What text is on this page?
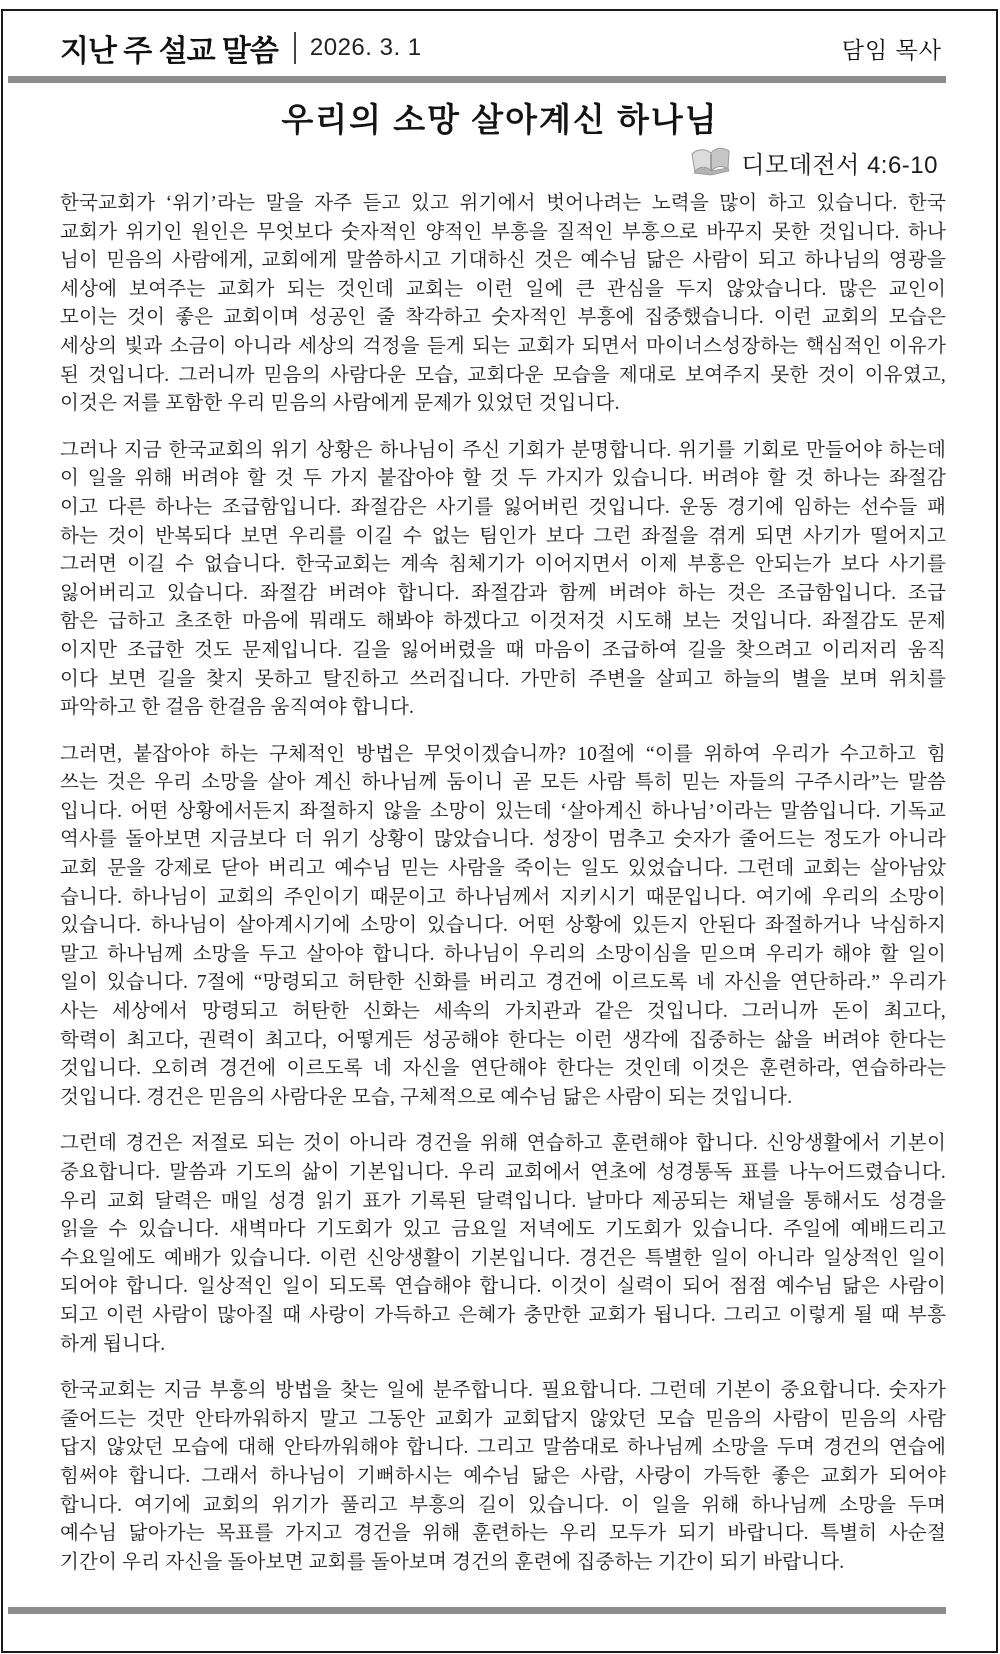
지난 주 설교 말씀 2026. 3. 1	담임 목사
우리의 소망 살아계신 하나님
디모데전서 4:6-10
한국교회가 ‘위기’라는 말을 자주 듣고 있고 위기에서 벗어나려는 노력을 많이 하고 있습니다. 한국
교회가 위기인 원인은 무엇보다 숫자적인 양적인 부흥을 질적인 부흥으로 바꾸지 못한 것입니다. 하나
님이 믿음의 사람에게, 교회에게 말씀하시고 기대하신 것은 예수님 닮은 사람이 되고 하나님의 영광을
세상에 보여주는 교회가 되는 것인데 교회는 이런 일에 큰 관심을 두지 않았습니다. 많은 교인이
모이는 것이 좋은 교회이며 성공인 줄 착각하고 숫자적인 부흥에 집중했습니다. 이런 교회의 모습은
세상의 빛과 소금이 아니라 세상의 걱정을 듣게 되는 교회가 되면서 마이너스성장하는 핵심적인 이유가
된 것입니다. 그러니까 믿음의 사람다운 모습, 교회다운 모습을 제대로 보여주지 못한 것이 이유였고,
이것은 저를 포함한 우리 믿음의 사람에게 문제가 있었던 것입니다.
그러나 지금 한국교회의 위기 상황은 하나님이 주신 기회가 분명합니다. 위기를 기회로 만들어야 하는데
이 일을 위해 버려야 할 것 두 가지 붙잡아야 할 것 두 가지가 있습니다. 버려야 할 것 하나는 좌절감
이고 다른 하나는 조급함입니다. 좌절감은 사기를 잃어버린 것입니다. 운동 경기에 임하는 선수들 패
하는 것이 반복되다 보면 우리를 이길 수 없는 팀인가 보다 그런 좌절을 겪게 되면 사기가 떨어지고
그러면 이길 수 없습니다. 한국교회는 계속 침체기가 이어지면서 이제 부흥은 안되는가 보다 사기를
잃어버리고 있습니다. 좌절감 버려야 합니다. 좌절감과 함께 버려야 하는 것은 조급함입니다. 조급
함은 급하고 초조한 마음에 뭐래도 해봐야 하겠다고 이것저것 시도해 보는 것입니다. 좌절감도 문제
이지만 조급한 것도 문제입니다. 길을 잃어버렸을 때 마음이 조급하여 길을 찾으려고 이리저리 움직
이다 보면 길을 찾지 못하고 탈진하고 쓰러집니다. 가만히 주변을 살피고 하늘의 별을 보며 위치를
파악하고 한 걸음 한걸음 움직여야 합니다.
그러면, 붙잡아야 하는 구체적인 방법은 무엇이겠습니까? 10절에 “이를 위하여 우리가 수고하고 힘
쓰는 것은 우리 소망을 살아 계신 하나님께 둠이니 곧 모든 사람 특히 믿는 자들의 구주시라”는 말씀
입니다. 어떤 상황에서든지 좌절하지 않을 소망이 있는데 ‘살아계신 하나님’이라는 말씀입니다. 기독교
역사를 돌아보면 지금보다 더 위기 상황이 많았습니다. 성장이 멈추고 숫자가 줄어드는 정도가 아니라
교회 문을 강제로 닫아 버리고 예수님 믿는 사람을 죽이는 일도 있었습니다. 그런데 교회는 살아남았
습니다. 하나님이 교회의 주인이기 때문이고 하나님께서 지키시기 때문입니다. 여기에 우리의 소망이
있습니다. 하나님이 살아계시기에 소망이 있습니다. 어떤 상황에 있든지 안된다 좌절하거나 낙심하지
말고 하나님께 소망을 두고 살아야 합니다. 하나님이 우리의 소망이심을 믿으며 우리가 해야 할 일이
일이 있습니다. 7절에 “망령되고 허탄한 신화를 버리고 경건에 이르도록 네 자신을 연단하라.” 우리가
사는 세상에서 망령되고 허탄한 신화는 세속의 가치관과 같은 것입니다. 그러니까 돈이 최고다,
학력이 최고다, 권력이 최고다, 어떻게든 성공해야 한다는 이런 생각에 집중하는 삶을 버려야 한다는
것입니다. 오히려 경건에 이르도록 네 자신을 연단해야 한다는 것인데 이것은 훈련하라, 연습하라는
것입니다. 경건은 믿음의 사람다운 모습, 구체적으로 예수님 닮은 사람이 되는 것입니다.
그런데 경건은 저절로 되는 것이 아니라 경건을 위해 연습하고 훈련해야 합니다. 신앙생활에서 기본이
중요합니다. 말씀과 기도의 삶이 기본입니다. 우리 교회에서 연초에 성경통독 표를 나누어드렸습니다.
우리 교회 달력은 매일 성경 읽기 표가 기록된 달력입니다. 날마다 제공되는 채널을 통해서도 성경을
읽을 수 있습니다. 새벽마다 기도회가 있고 금요일 저녁에도 기도회가 있습니다. 주일에 예배드리고
수요일에도 예배가 있습니다. 이런 신앙생활이 기본입니다. 경건은 특별한 일이 아니라 일상적인 일이
되어야 합니다. 일상적인 일이 되도록 연습해야 합니다. 이것이 실력이 되어 점점 예수님 닮은 사람이
되고 이런 사람이 많아질 때 사랑이 가득하고 은혜가 충만한 교회가 됩니다. 그리고 이렇게 될 때 부흥
하게 됩니다.
한국교회는 지금 부흥의 방법을 찾는 일에 분주합니다. 필요합니다. 그런데 기본이 중요합니다. 숫자가
줄어드는 것만 안타까워하지 말고 그동안 교회가 교회답지 않았던 모습 믿음의 사람이 믿음의 사람
답지 않았던 모습에 대해 안타까워해야 합니다. 그리고 말씀대로 하나님께 소망을 두며 경건의 연습에
힘써야 합니다. 그래서 하나님이 기뻐하시는 예수님 닮은 사람, 사랑이 가득한 좋은 교회가 되어야
합니다. 여기에 교회의 위기가 풀리고 부흥의 길이 있습니다. 이 일을 위해 하나님께 소망을 두며
예수님 닮아가는 목표를 가지고 경건을 위해 훈련하는 우리 모두가 되기 바랍니다. 특별히 사순절
기간이 우리 자신을 돌아보면 교회를 돌아보며 경건의 훈련에 집중하는 기간이 되기 바랍니다.
